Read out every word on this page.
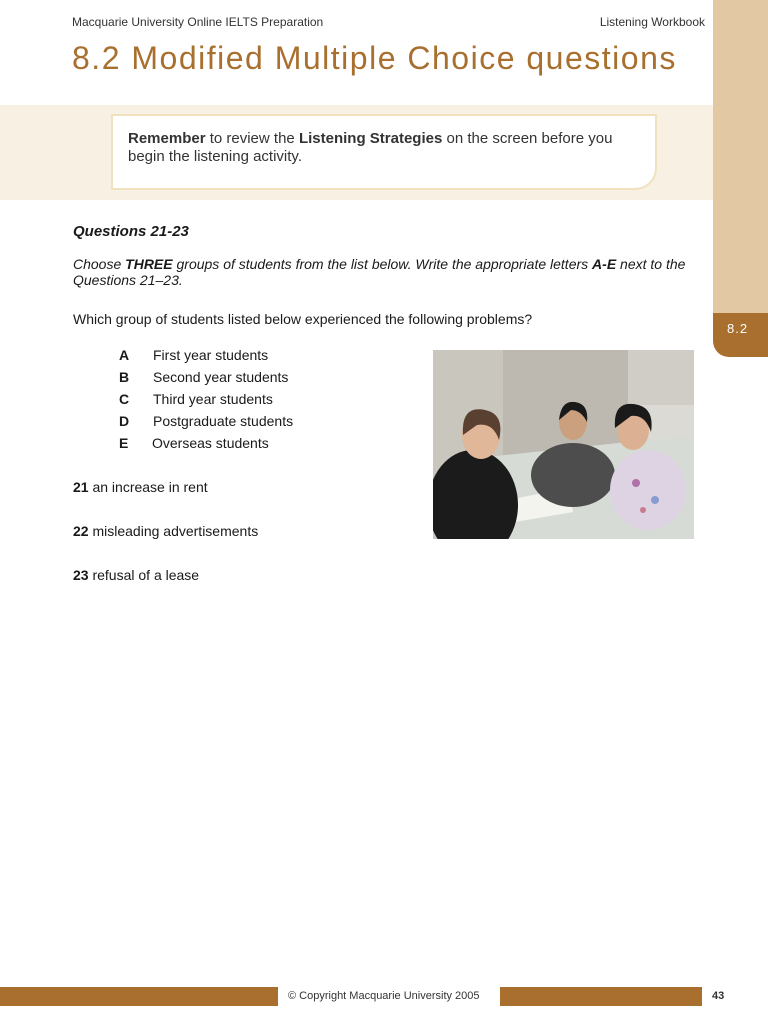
8.2
Macquarie University Online IELTS Preparation	Listening Workbook
8.2 Modified Multiple Choice questions
Remember to review the Listening Strategies on the screen before you begin the listening activity.
Questions 21-23

Choose THREE groups of students from the list below. Write the appropriate letters A-E next to the Questions 21–23.

Which group of students listed below experienced the following problems?

A First year students
B Second year students
C Third year students
D Postgraduate students
E Overseas students
21 an increase in rent
22 misleading advertisements
23 refusal of a lease
© Copyright Macquarie University 2005	43
